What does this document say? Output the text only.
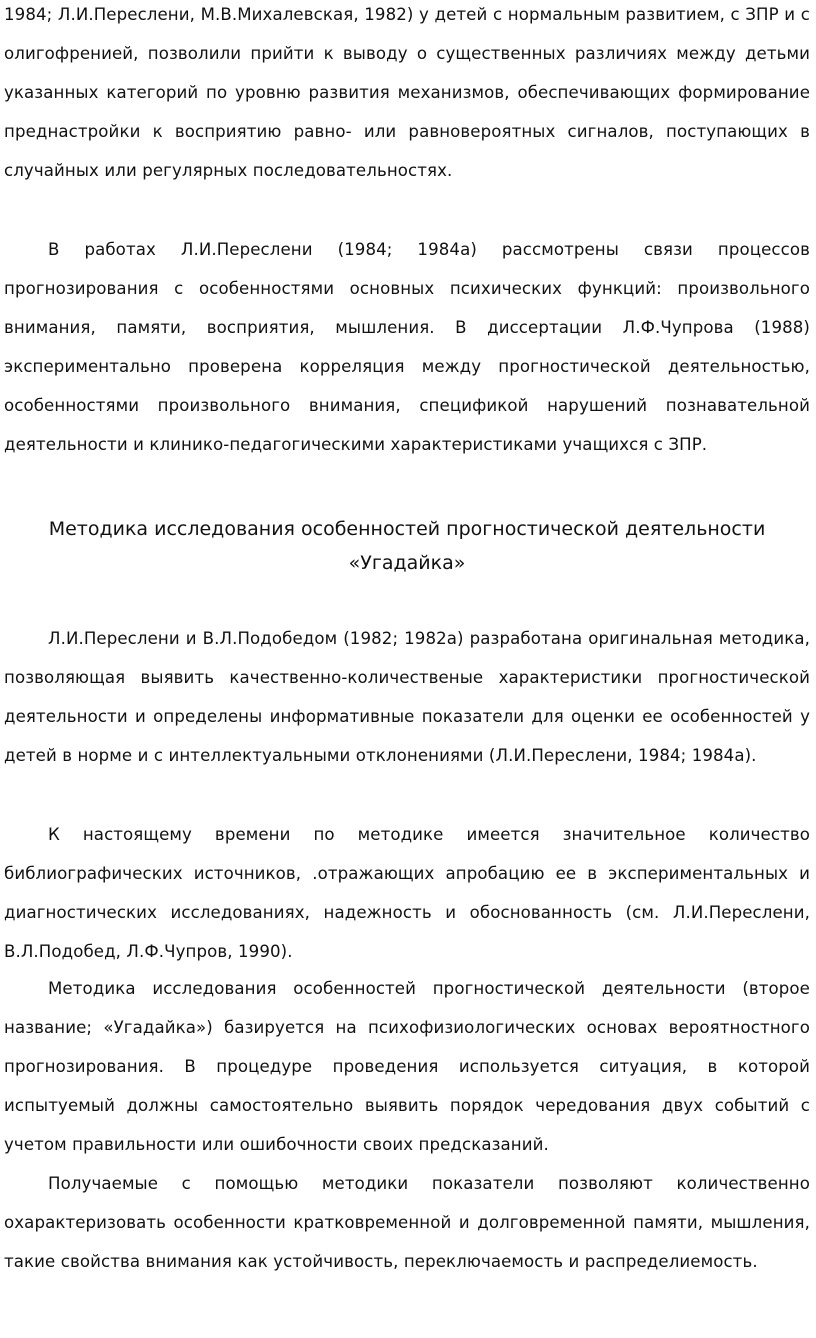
1984; Л.И.Переслени, М.В.Михалевская, 1982) у детей с нормальным развитием, с ЗПР и с олигофренией, позволили прийти к выводу о существенных различиях между детьми указанных категорий по уровню развития механизмов, обеспечивающих формирование преднастройки к восприятию равно- или равновероятных сигналов, поступающих в случайных или регулярных последовательностях.

В работах Л.И.Переслени (1984; 1984а) рассмотрены связи процессов прогнозирования с особенностями основных психических функций: произвольного внимания, памяти, восприятия, мышления. В диссертации Л.Ф.Чупрова (1988) экспериментально проверена корреляция между прогностической деятельностью, особенностями произвольного внимания, спецификой нарушений познавательной деятельности и клинико-педагогическими характеристиками учащихся с ЗПР.

Методика исследования особенностей прогностической деятельности
«Угадайка»

Л.И.Переслени и В.Л.Подобедом (1982; 1982а) разработана оригинальная методика, позволяющая выявить качественно-количественые характеристики прогностической деятельности и определены информативные показатели для оценки ее особенностей у детей в норме и с интеллектуальными отклонениями (Л.И.Переслени, 1984; 1984а).

К настоящему времени по методике имеется значительное количество библиографических источников, .отражающих апробацию ее в экспериментальных и диагностических исследованиях, надежность и обоснованность (см. Л.И.Переслени, В.Л.Подобед, Л.Ф.Чупров, 1990).

Методика исследования особенностей прогностической деятельности (второе название; «Угадайка») базируется на психофизиологических основах вероятностного прогнозирования. В процедуре проведения используется ситуация, в которой испытуемый должны самостоятельно выявить порядок чередования двух событий с учетом правильности или ошибочности своих предсказаний.

Получаемые с помощью методики показатели позволяют количественно охарактеризовать особенности кратковременной и долговременной памяти, мышления, такие свойства внимания как устойчивость, переключаемость и распределиемость.
